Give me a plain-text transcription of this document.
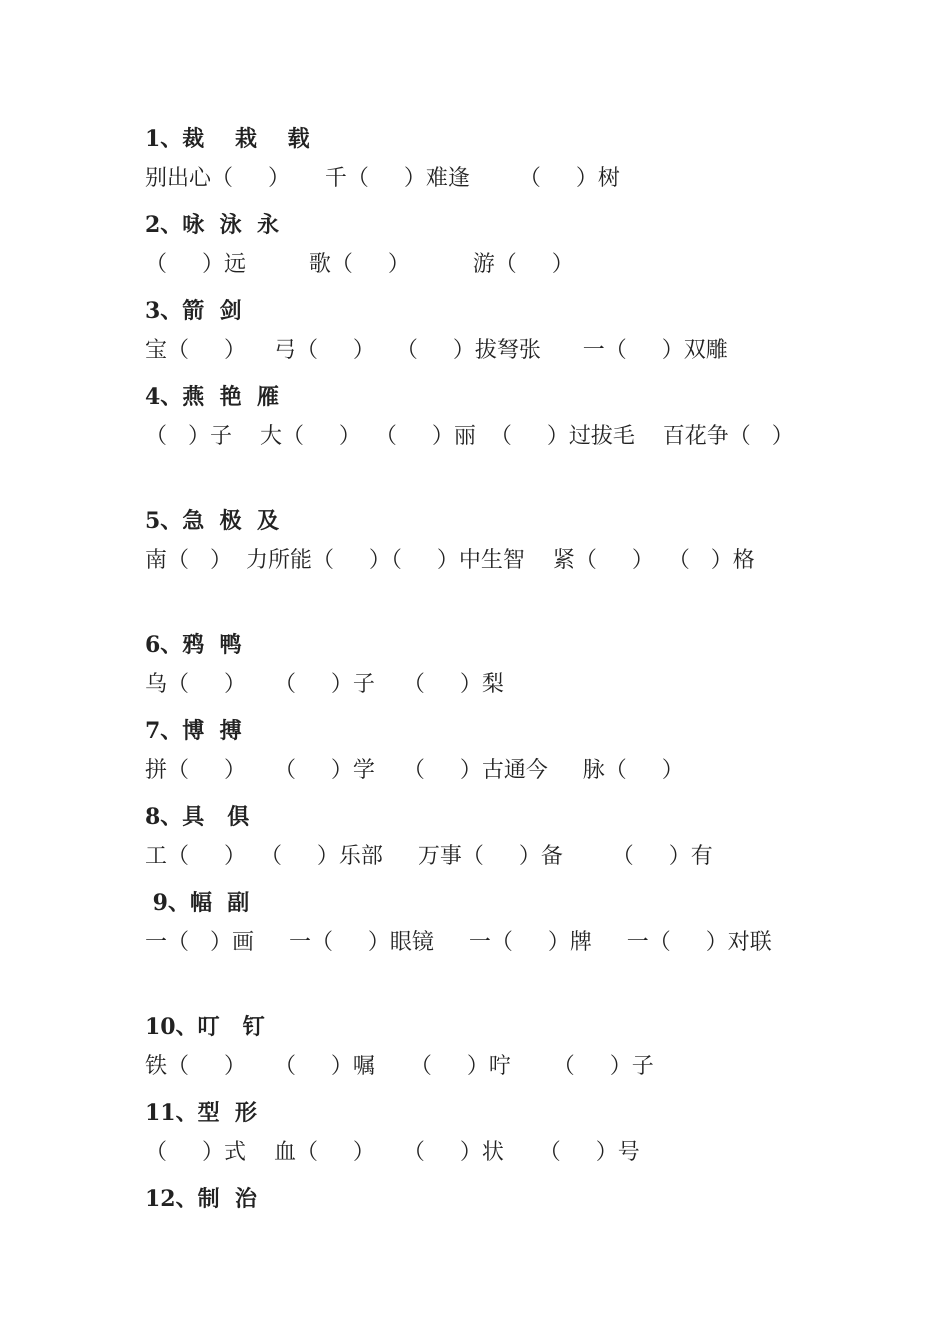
1、裁    栽    载
别出心（     ）     千（     ）难逢       （     ）树
2、咏  泳  永
（     ）远         歌（     ）         游（     ）
3、箭  剑
宝（     ）    弓（     ）   （     ）拔弩张      一（     ）双雕
4、燕  艳  雁
（   ）子    大（     ）  （     ）丽  （     ）过拔毛    百花争（   ）
5、急  极  及
南（   ）  力所能（     ）（     ）中生智    紧（     ）  （   ）格
6、鸦  鸭
乌（     ）    （     ）子    （     ）梨
7、博  搏
拼（     ）    （     ）学    （     ）古通今     脉（     ）
8、具   俱
工（     ）  （     ）乐部     万事（     ）备       （     ）有
9、幅  副
一（   ）画     一（     ）眼镜     一（     ）牌     一（     ）对联
10、叮   钉
铁（     ）    （     ）嘱     （     ）咛      （     ）子
11、型  形
（     ）式    血（     ）    （     ）状     （     ）号
12、制  治
